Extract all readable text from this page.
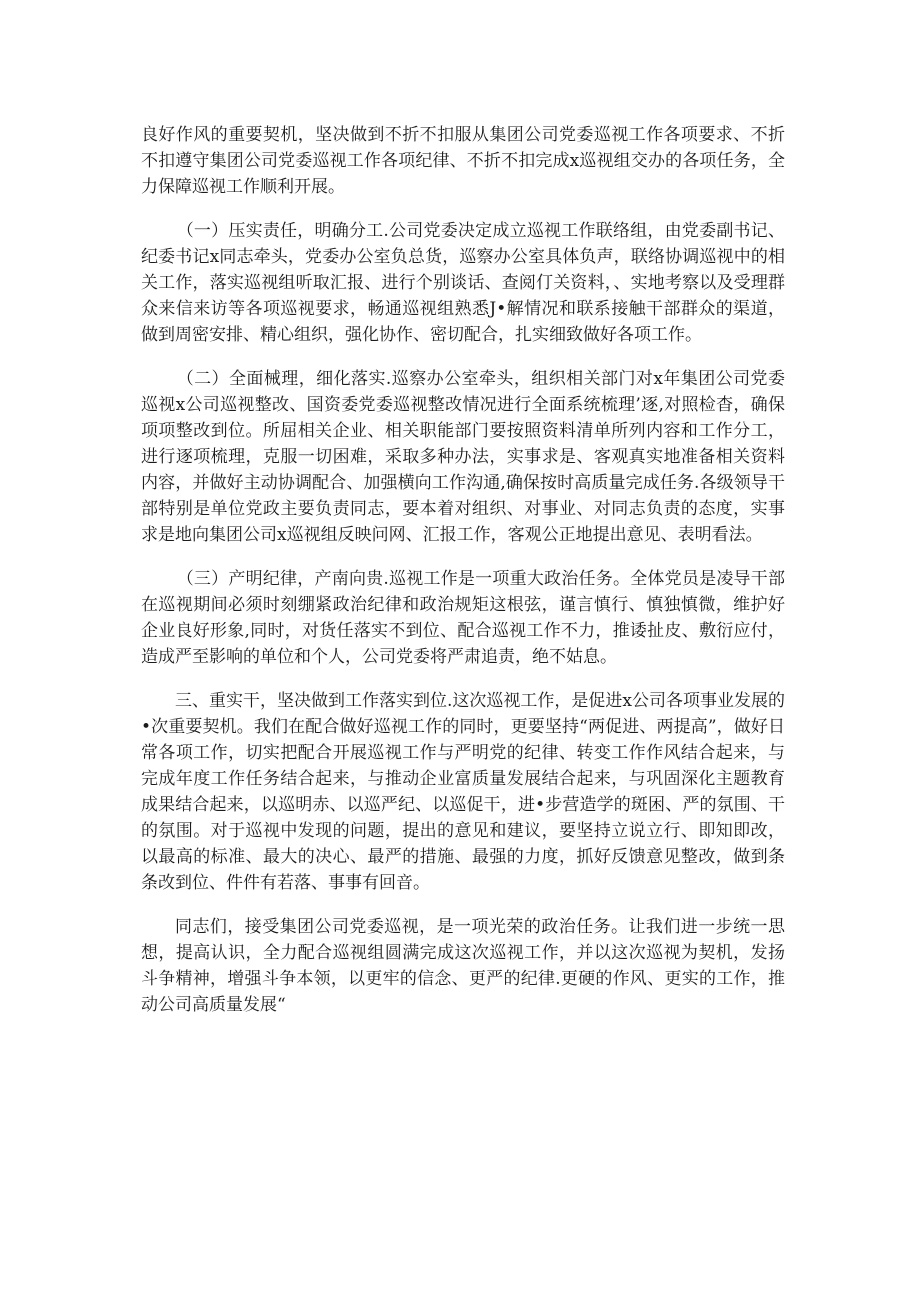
良好作风的重要契机，坚决做到不折不扣服从集团公司党委巡视工作各项要求、不折不扣遵守集团公司党委巡视工作各项纪律、不折不扣完成x巡视组交办的各项任务，全力保障巡视工作顺利开展。

（一）压实责任，明确分工.公司党委决定成立巡视工作联络组，由党委副书记、纪委书记x同志牵头，党委办公室负总货，巡察办公室具体负声，联络协调巡视中的相关工作，落实巡视组听取汇报、进行个别谈话、查阅仃关资料，、实地考察以及受理群众来信来访等各项巡视要求，畅通巡视组熟悉J•解情况和联系接触干部群众的渠道，做到周密安排、精心组织，强化协作、密切配合，扎实细致做好各项工作。

（二）全面械理，细化落实.巡察办公室牵头，组织相关部门对x年集团公司党委巡视x公司巡视整改、国资委党委巡视整改情况进行全面系统梳理’逐,对照检杳，确保项项整改到位。所屈相关企业、相关职能部门要按照资料清单所列内容和工作分工，进行逐项梳理，克服一切困难，采取多种办法，实事求是、客观真实地准备相关资料内容，并做好主动协调配合、加强横向工作沟通,确保按时高质量完成任务.各级领导干部特别是单位党政主要负责同志，要本着对组织、对事业、对同志负责的态度，实事求是地向集团公司x巡视组反映问网、汇报工作，客观公正地提出意见、表明看法。

（三）产明纪律，产南向贵.巡视工作是一项重大政治任务。全体党员是凌导干部在巡视期间必须时刻绷紧政治纪律和政治规矩这根弦，谨言慎行、慎独慎微，维护好企业良好形象,同时，对货任落实不到位、配合巡视工作不力，推诿扯皮、敷衍应付，造成严至影响的单位和个人，公司党委将严肃追责，绝不姑息。

三、重实干，坚决做到工作落实到位.这次巡视工作，是促进x公司各项事业发展的•次重要契机。我们在配合做好巡视工作的同时，更要坚持“两促进、两提高”，做好日常各项工作，切实把配合开展巡视工作与严明党的纪律、转变工作作风结合起来，与完成年度工作任务结合起来，与推动企业富质量发展结合起来，与巩固深化主题教育成果结合起来，以巡明赤、以巡严纪、以巡促干，进•步营造学的斑困、严的氛围、干的氛围。对于巡视中发现的问题，提出的意见和建议，要坚持立说立行、即知即改，以最高的标准、最大的决心、最严的措施、最强的力度，抓好反馈意见整改，做到条条改到位、件件有若落、事事有回音。

同志们，接受集团公司党委巡视，是一项光荣的政治任务。让我们进一步统一思想，提高认识，全力配合巡视组圆满完成这次巡视工作，并以这次巡视为契机，发扬斗争精神，增强斗争本领，以更牢的信念、更严的纪律.更硬的作风、更实的工作，推动公司高质量发展“
